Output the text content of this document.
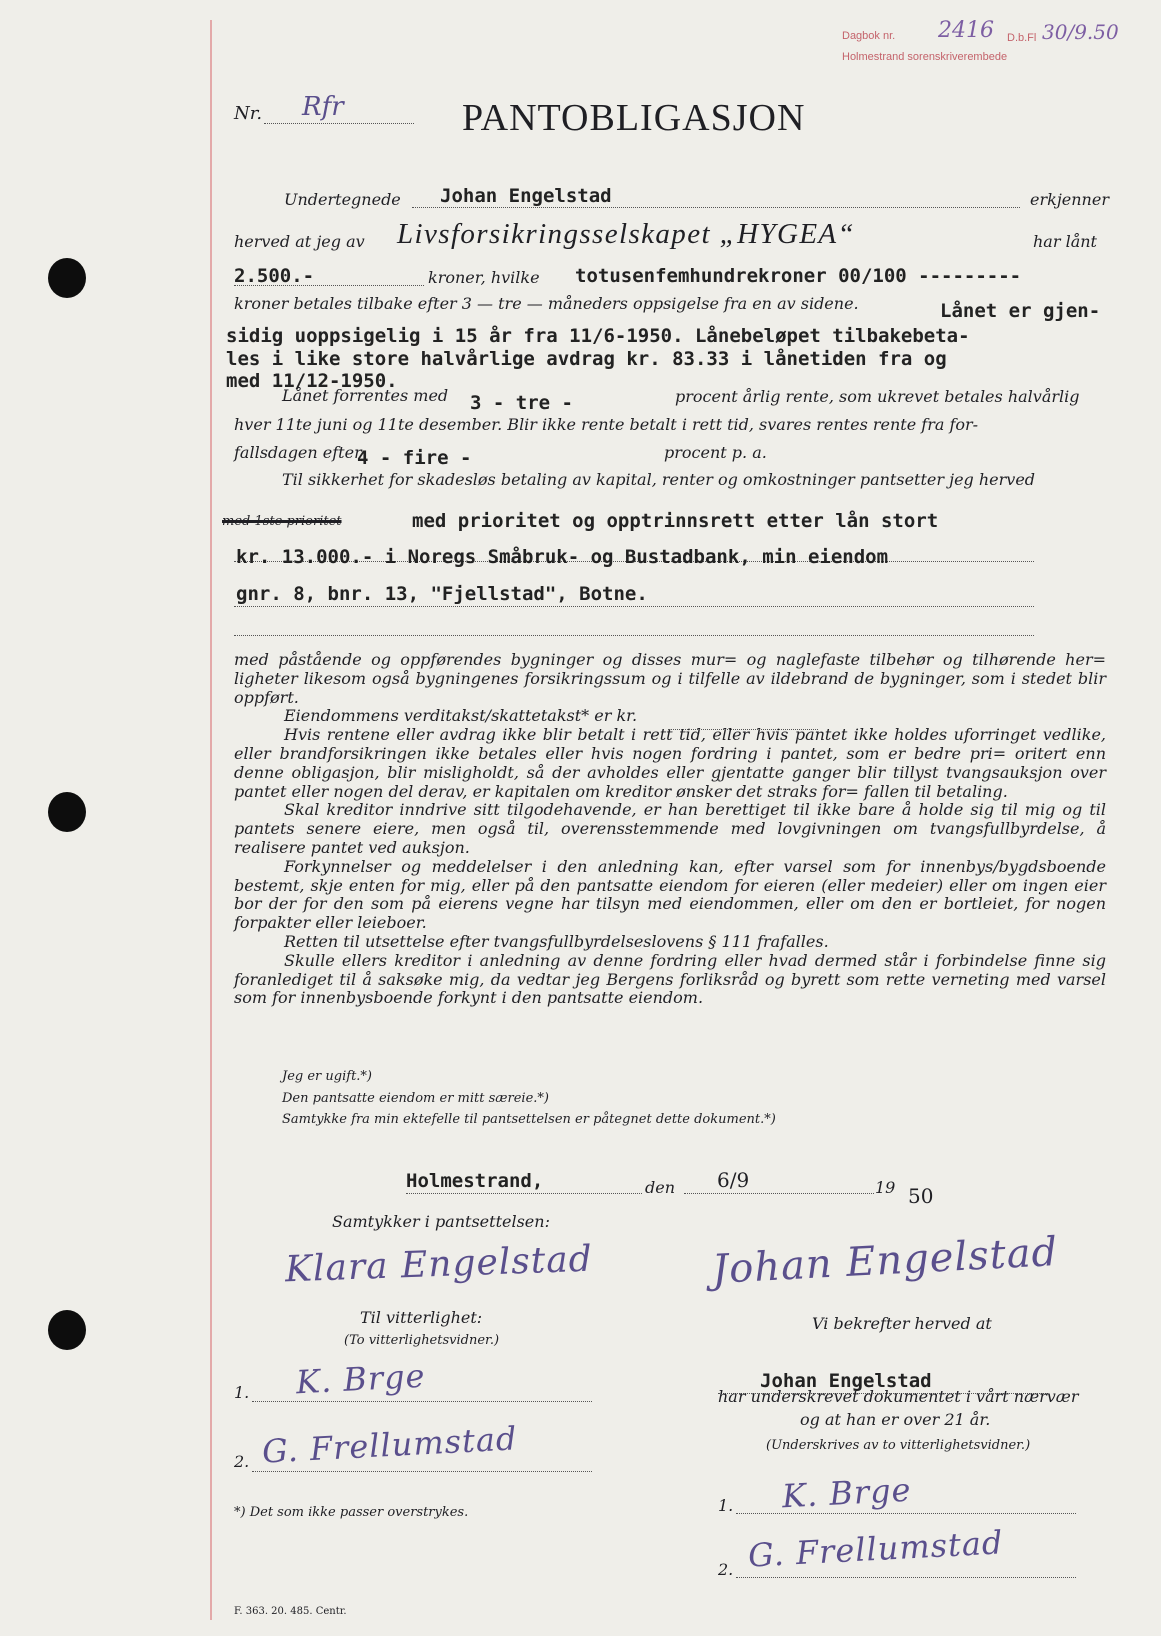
Dagbok nr. 2416 D.b.Fl 30/9.50
Holmestrand sorenskriverembede
Nr. Rfr	PANTOBLIGASJON
Undertegnede Johan Engelstad	erkjenner
herved at jeg av Livsforsikringsselskapet „HYGEA“	har lånt
2.500.-	kroner, hvilke totusenfemhundrekroner 00/100 ---------
kroner betales tilbake efter 3 — tre — måneders oppsigelse fra en av sidene.	Lånet er gjen-
sidig uoppsigelig i 15 år fra 11/6-1950. Lånebeløpet tilbakebeta-
les i like store halvårlige avdrag kr. 83.33 i lånetiden fra og
med 11/12-1950.
Lånet forrentes med 3 - tre -	procent årlig rente, som ukrevet betales halvårlig
hver 11te juni og 11te desember. Blir ikke rente betalt i rett tid, svares rentes rente fra for-
fallsdagen efter
4 - fire -	procent p. a.
Til sikkerhet for skadesløs betaling av kapital, renter og omkostninger pantsetter jeg herved
med 1ste prioritet	med prioritet og opptrinnsrett etter lån stort
kr. 13.000.- i Noregs Småbruk- og Bustadbank, min eiendom
gnr. 8, bnr. 13, "Fjellstad", Botne.

med påstående og oppførendes bygninger og disses mur= og naglefaste tilbehør og tilhørende her= ligheter likesom også bygningenes forsikringssum og i tilfelle av ildebrand de bygninger, som i stedet blir oppført.

Eiendommens verditakst/skattetakst* er kr.

Hvis rentene eller avdrag ikke blir betalt i rett tid, eller hvis pantet ikke holdes uforringet vedlike, eller brandforsikringen ikke betales eller hvis nogen fordring i pantet, som er bedre pri= oritert enn denne obligasjon, blir misligholdt, så der avholdes eller gjentatte ganger blir tillyst tvangsauksjon over pantet eller nogen del derav, er kapitalen om kreditor ønsker det straks for= fallen til betaling.

Skal kreditor inndrive sitt tilgodehavende, er han berettiget til ikke bare å holde sig til mig og til pantets senere eiere, men også til, overensstemmende med lovgivningen om tvangsfullbyrdelse, å realisere pantet ved auksjon.

Forkynnelser og meddelelser i den anledning kan, efter varsel som for innenbys/bygdsboende bestemt, skje enten for mig, eller på den pantsatte eiendom for eieren (eller medeier) eller om ingen eier bor der for den som på eierens vegne har tilsyn med eiendommen, eller om den er bortleiet, for nogen forpakter eller leieboer.

Retten til utsettelse efter tvangsfullbyrdelseslovens § 111 frafalles.

Skulle ellers kreditor i anledning av denne fordring eller hvad dermed står i forbindelse finne sig foranlediget til å saksøke mig, da vedtar jeg Bergens forliksråd og byrett som rette verneting med varsel som for innenbysboende forkynt i den pantsatte eiendom.

Jeg er ugift.*)
Den pantsatte eiendom er mitt særeie.*)
Samtykke fra min ektefelle til pantsettelsen er påtegnet dette dokument.*)
Holmestrand,	den 6/9	19 50
Samtykker i pantsettelsen:
Klara Engelstad	Johan Engelstad
Til vitterlighet:
(To vitterlighetsvidner.)
1. K. Brge
2. G. Frellumstad
*) Det som ikke passer overstrykes.
F. 363. 20. 485. Centr.
Vi bekrefter herved at
Johan Engelstad
har underskrevet dokumentet i vårt nærvær
og at han er over 21 år.
(Underskrives av to vitterlighetsvidner.)
1. K. Brge
2. G. Frellumstad
